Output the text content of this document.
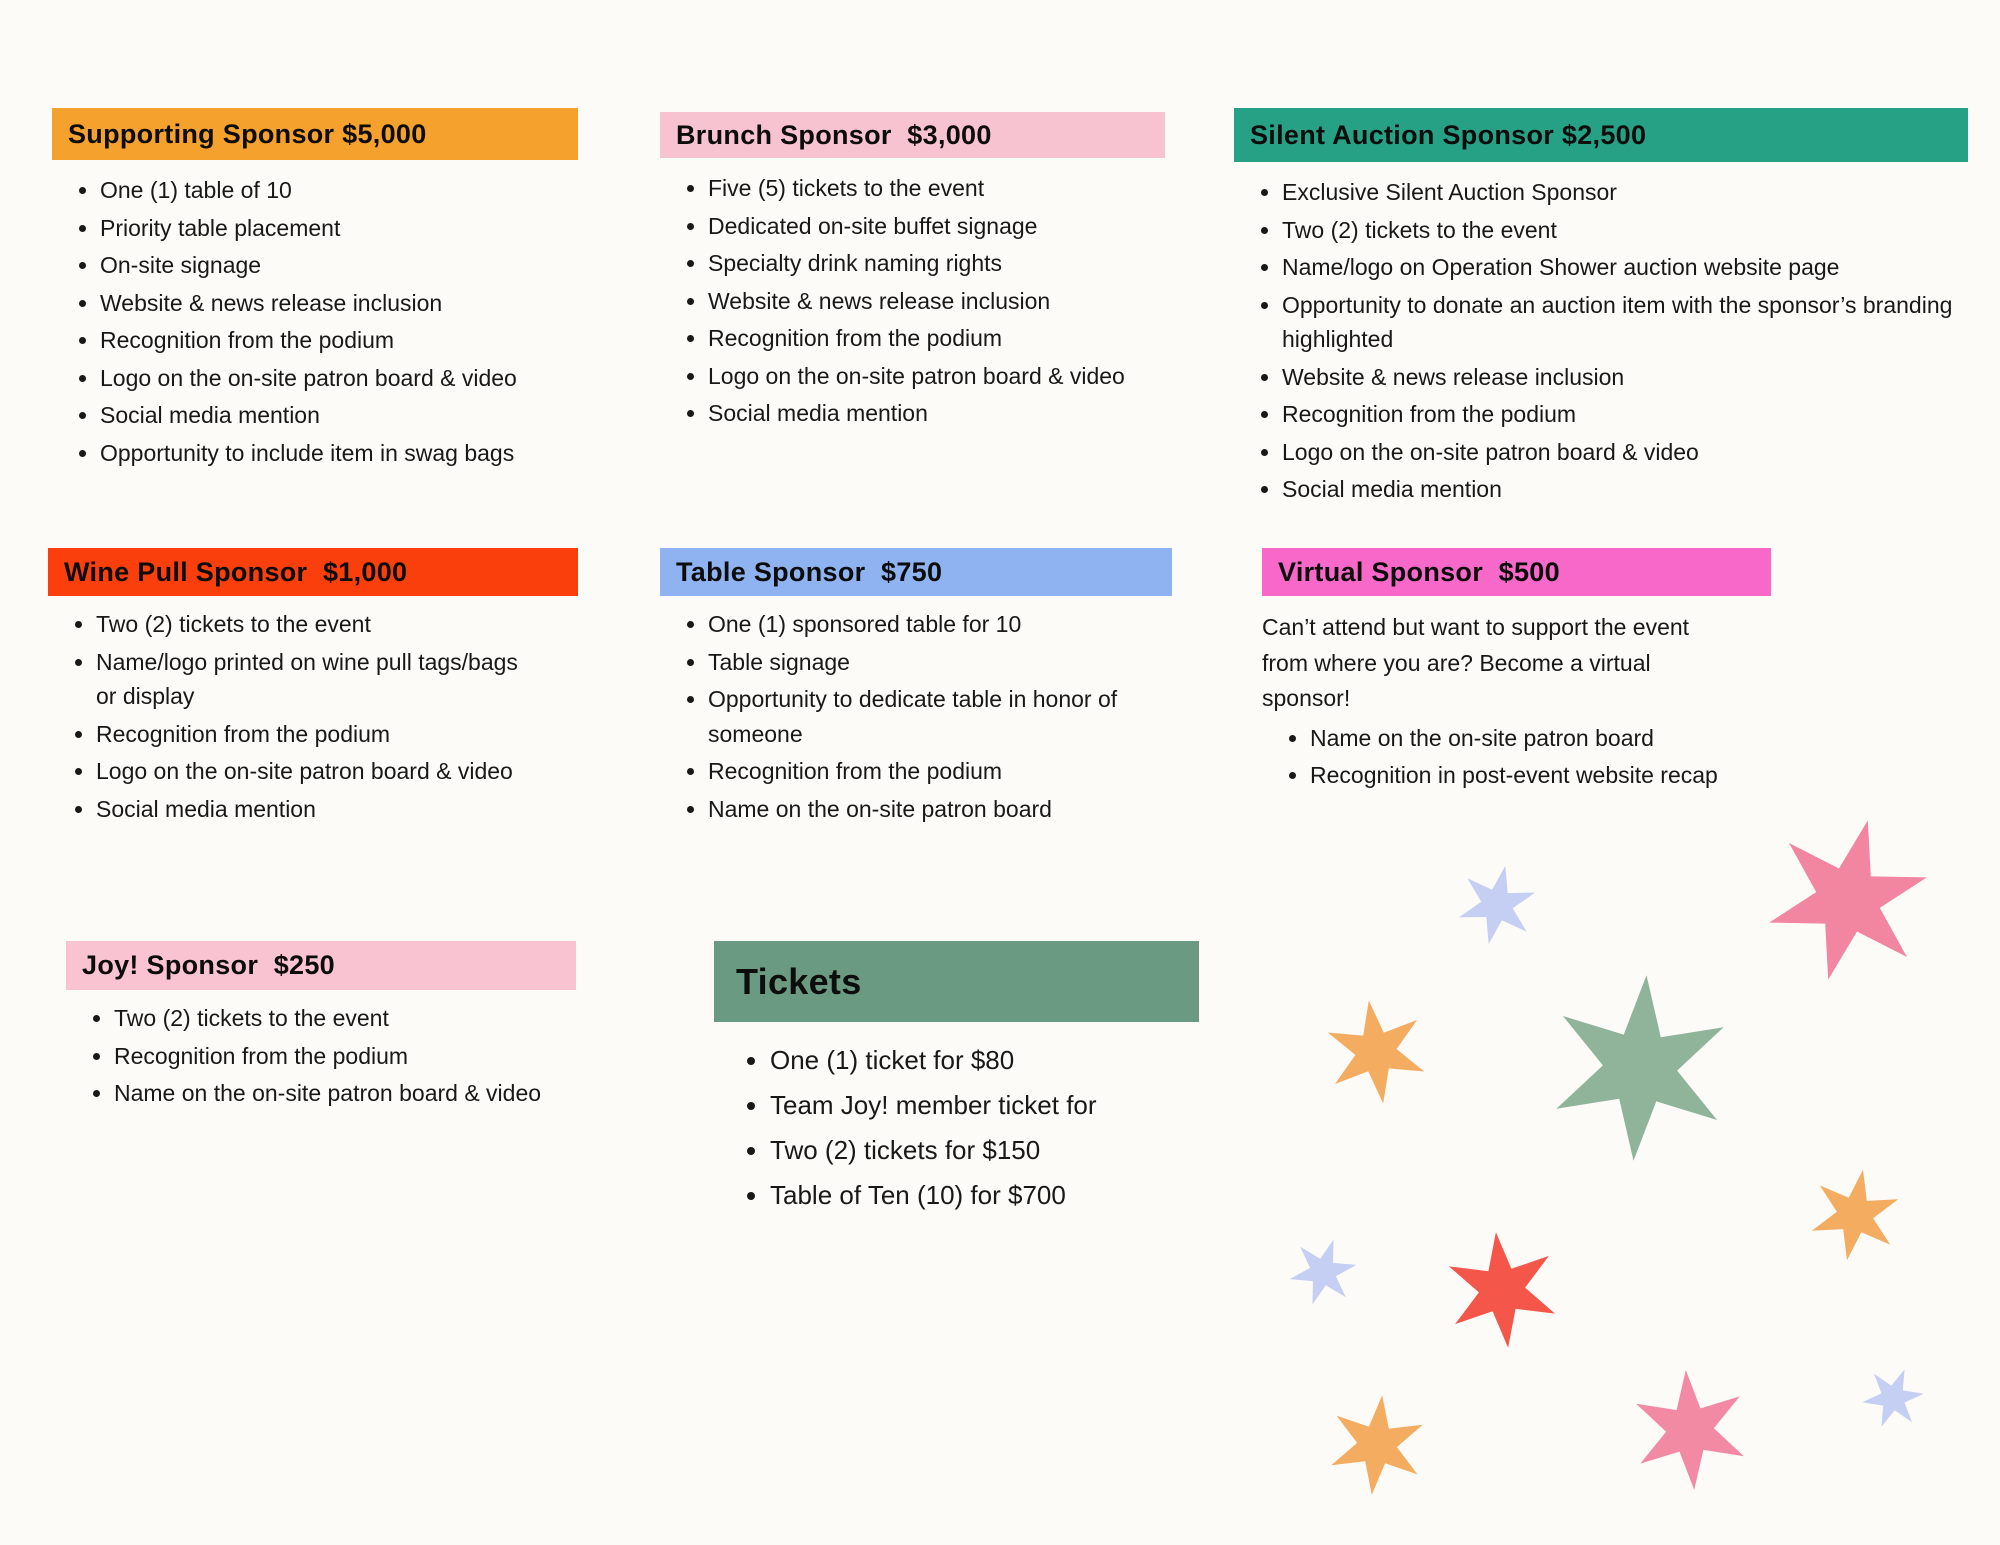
Supporting Sponsor $5,000
• One (1) table of 10
• Priority table placement
• On-site signage
• Website & news release inclusion
• Recognition from the podium
• Logo on the on-site patron board & video
• Social media mention
• Opportunity to include item in swag bags
Brunch Sponsor  $3,000
• Five (5) tickets to the event
• Dedicated on-site buffet signage
• Specialty drink naming rights
• Website & news release inclusion
• Recognition from the podium
• Logo on the on-site patron board & video
• Social media mention
Silent Auction Sponsor $2,500
• Exclusive Silent Auction Sponsor
• Two (2) tickets to the event
• Name/logo on Operation Shower auction website page
• Opportunity to donate an auction item with the sponsor’s branding highlighted
• Website & news release inclusion
• Recognition from the podium
• Logo on the on-site patron board & video
• Social media mention
Wine Pull Sponsor  $1,000
• Two (2) tickets to the event
• Name/logo printed on wine pull tags/bags or display
• Recognition from the podium
• Logo on the on-site patron board & video
• Social media mention
Table Sponsor  $750
• One (1) sponsored table for 10
• Table signage
• Opportunity to dedicate table in honor of someone
• Recognition from the podium
• Name on the on-site patron board
Virtual Sponsor  $500

Can’t attend but want to support the event from where you are? Become a virtual sponsor!

• Name on the on-site patron board
• Recognition in post-event website recap
Joy! Sponsor  $250
• Two (2) tickets to the event
• Recognition from the podium
• Name on the on-site patron board & video
Tickets
• One (1) ticket for $80
• Team Joy! member ticket for
• Two (2) tickets for $150
• Table of Ten (10) for $700
